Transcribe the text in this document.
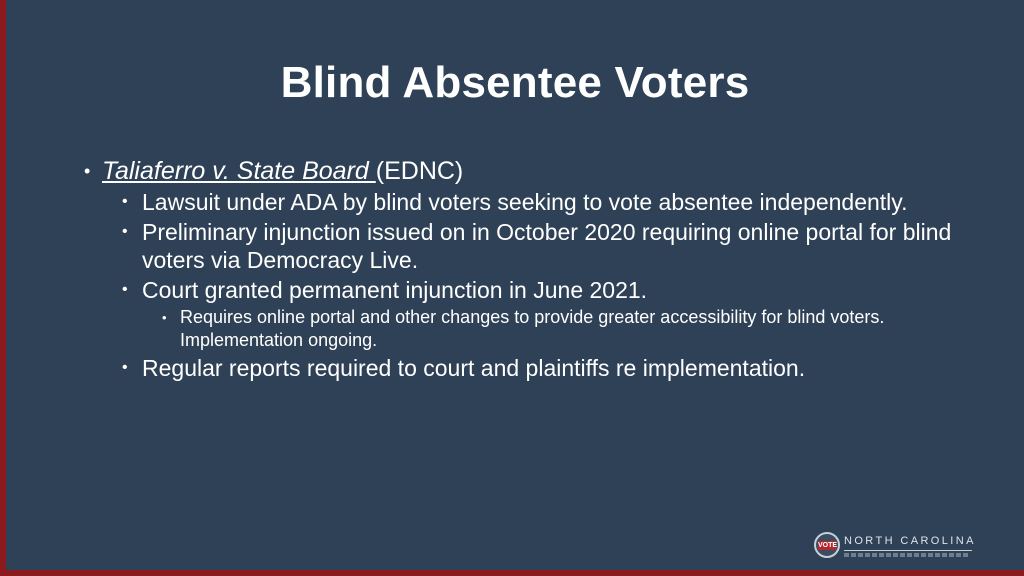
Blind Absentee Voters
• Taliaferro v. State Board (EDNC)
• Lawsuit under ADA by blind voters seeking to vote absentee independently.
• Preliminary injunction issued on in October 2020 requiring online portal for blind voters via Democracy Live.
• Court granted permanent injunction in June 2021.
• Requires online portal and other changes to provide greater accessibility for blind voters. Implementation ongoing.
• Regular reports required to court and plaintiffs re implementation.
VOTE NORTH CAROLINA
